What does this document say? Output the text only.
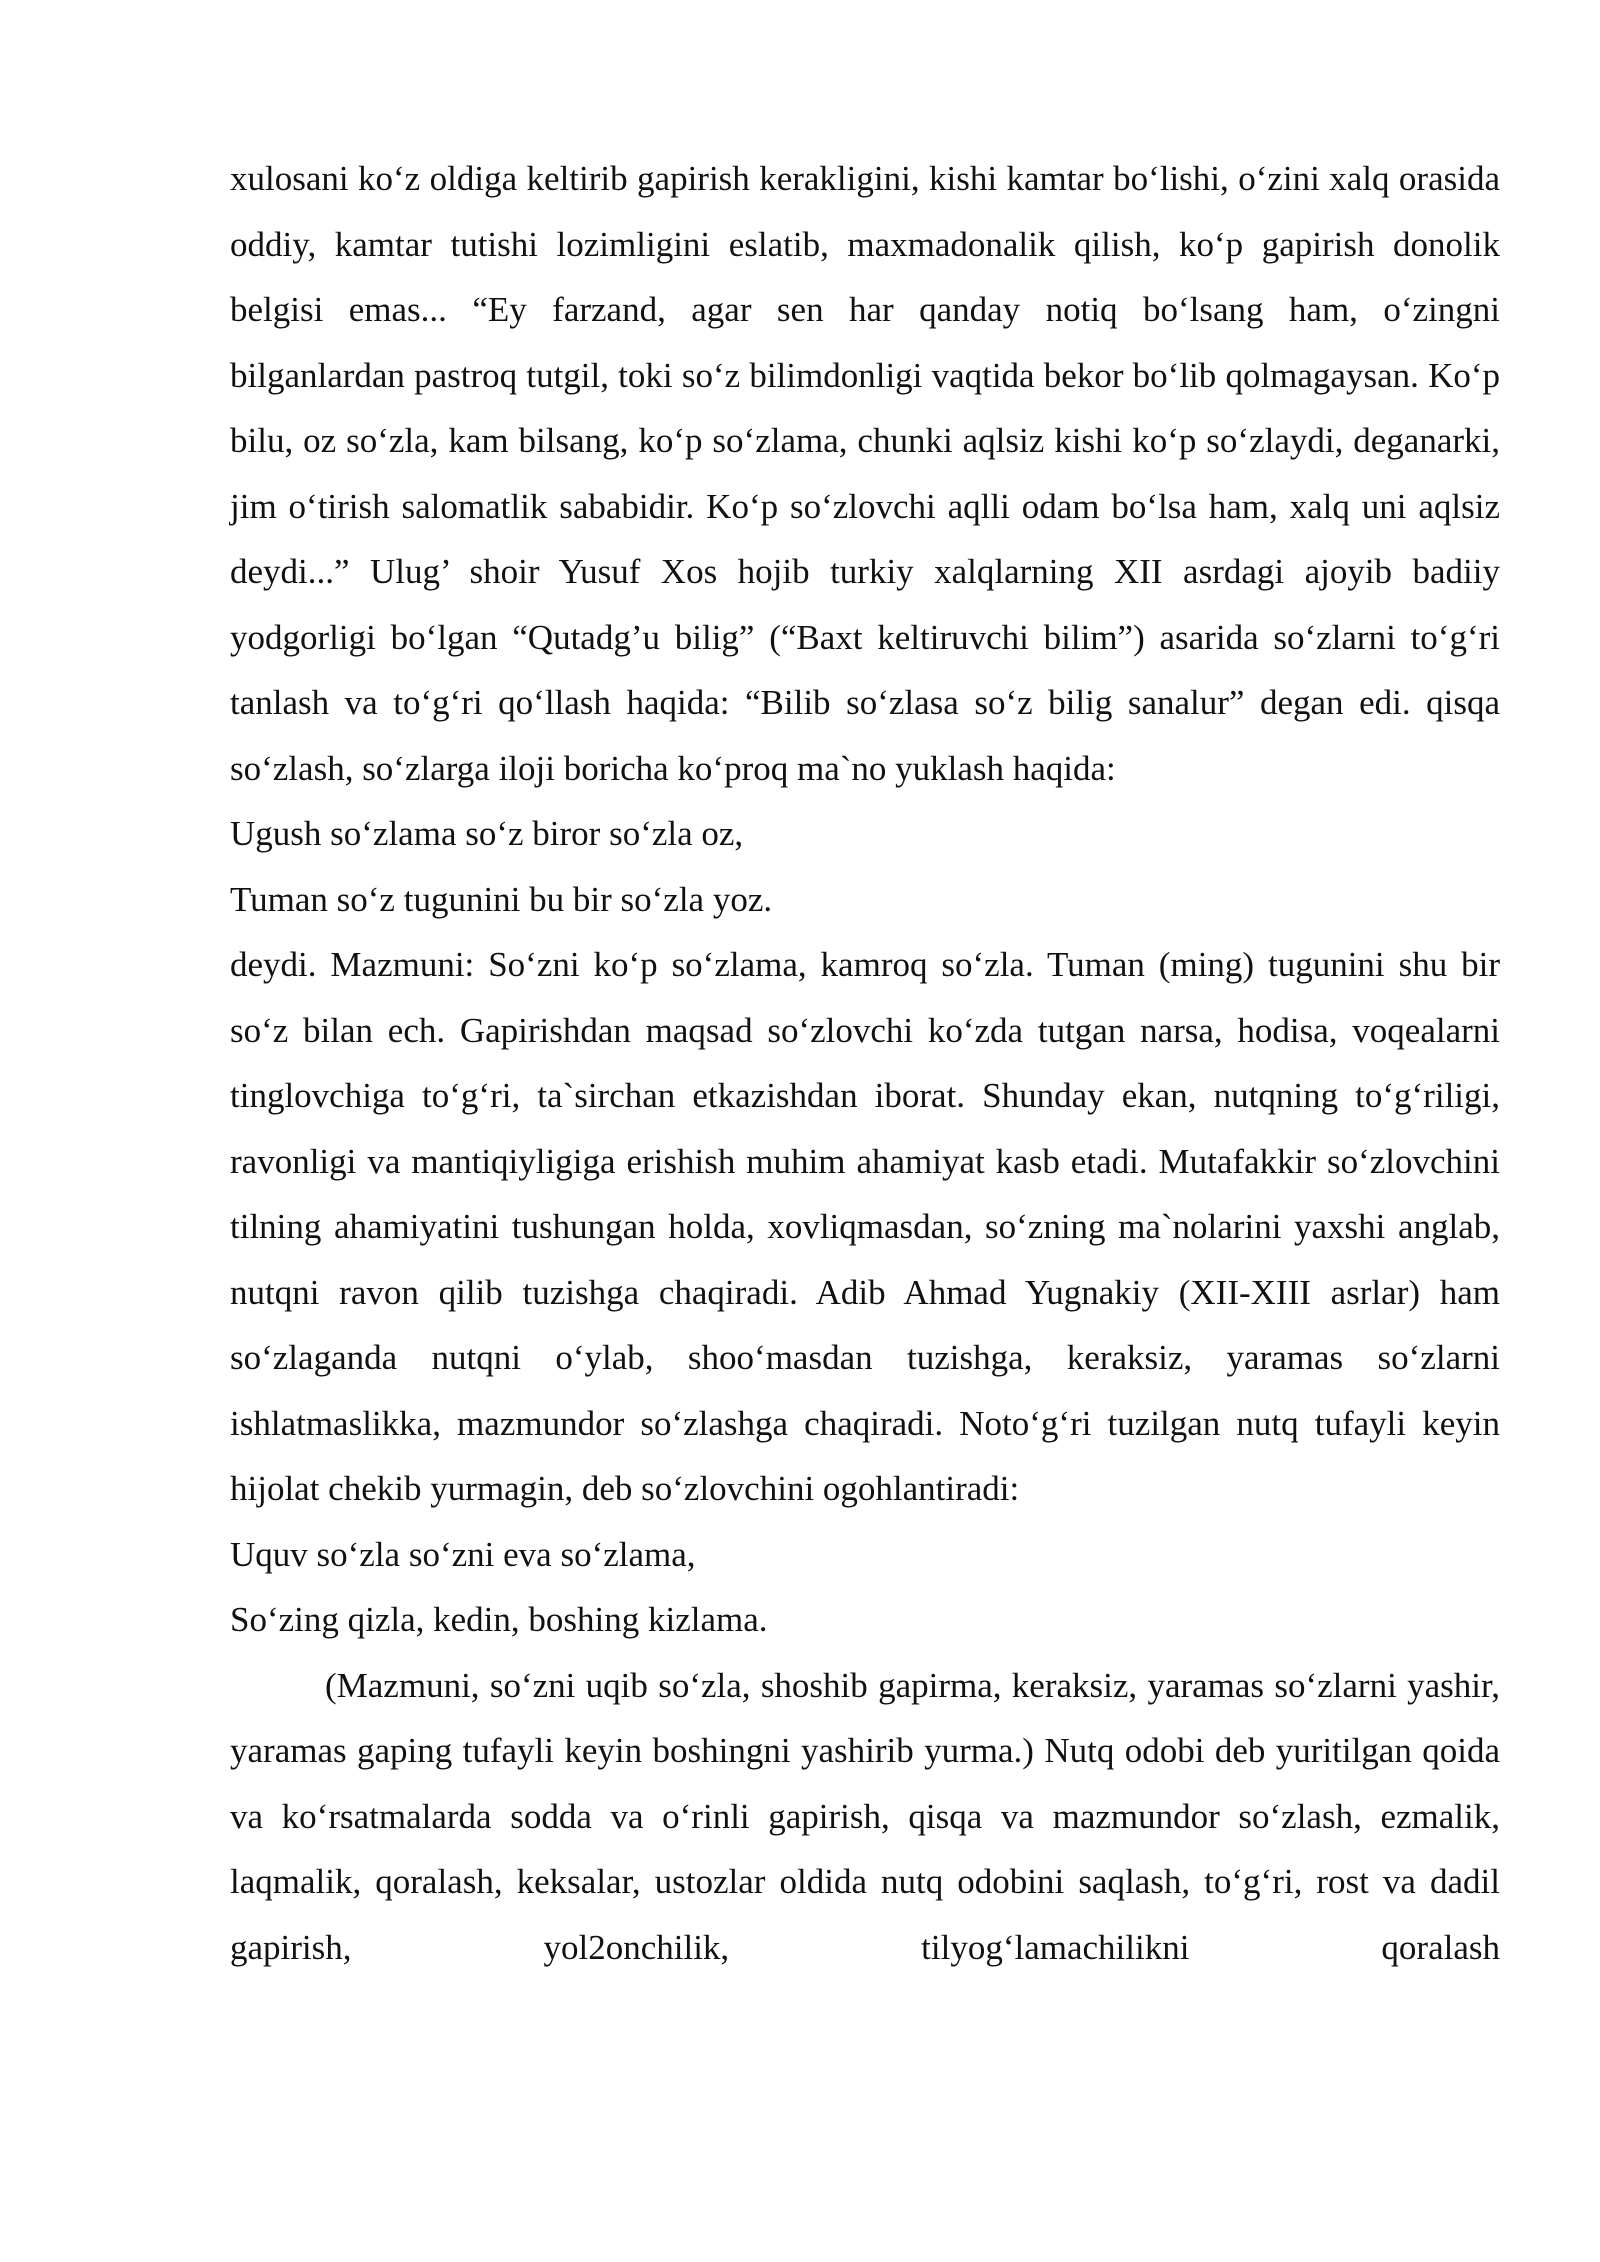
xulosani koʻz oldiga keltirib gapirish kerakligini, kishi kamtar boʻlishi, oʻzini xalq orasida oddiy, kamtar tutishi lozimligini eslatib, maxmadonalik qilish, koʻp gapirish donolik belgisi emas... “Ey farzand, agar sen har qanday notiq boʻlsang ham, oʻzingni bilganlardan pastroq tutgil, toki soʻz bilimdonligi vaqtida bekor boʻlib qolmagaysan. Koʻp bilu, oz soʻzla, kam bilsang, koʻp soʻzlama, chunki aqlsiz kishi koʻp soʻzlaydi, deganarki, jim oʻtirish salomatlik sababidir. Koʻp soʻzlovchi aqlli odam boʻlsa ham, xalq uni aqlsiz deydi...” Ulug’ shoir Yusuf Xos hojib turkiy xalqlarning XII asrdagi ajoyib badiiy yodgorligi boʻlgan “Qutadg’u bilig” (“Baxt keltiruvchi bilim”) asarida soʻzlarni toʻgʻri tanlash va toʻgʻri qoʻllash haqida: “Bilib soʻzlasa soʻz bilig sanalur” degan edi. qisqa soʻzlash, soʻzlarga iloji boricha koʻproq ma`no yuklash haqida:

Ugush soʻzlama soʻz biror soʻzla oz,

Tuman soʻz tugunini bu bir soʻzla yoz.

deydi. Mazmuni: Soʻzni koʻp soʻzlama, kamroq soʻzla. Tuman (ming) tugunini shu bir soʻz bilan ech. Gapirishdan maqsad soʻzlovchi koʻzda tutgan narsa, hodisa, voqealarni tinglovchiga toʻgʻri, ta`sirchan etkazishdan iborat. Shunday ekan, nutqning toʻgʻriligi, ravonligi va mantiqiyligiga erishish muhim ahamiyat kasb etadi. Mutafakkir soʻzlovchini tilning ahamiyatini tushungan holda, xovliqmasdan, soʻzning ma`nolarini yaxshi anglab, nutqni ravon qilib tuzishga chaqiradi. Adib Ahmad Yugnakiy (XII-XIII asrlar) ham soʻzlaganda nutqni oʻylab, shooʻmasdan tuzishga, keraksiz, yaramas soʻzlarni ishlatmaslikka, mazmundor soʻzlashga chaqiradi. Notoʻgʻri tuzilgan nutq tufayli keyin hijolat chekib yurmagin, deb soʻzlovchini ogohlantiradi:

Uquv soʻzla soʻzni eva soʻzlama,

Soʻzing qizla, kedin, boshing kizlama.

(Mazmuni, soʻzni uqib soʻzla, shoshib gapirma, keraksiz, yaramas soʻzlarni yashir, yaramas gaping tufayli keyin boshingni yashirib yurma.) Nutq odobi deb yuritilgan qoida va koʻrsatmalarda sodda va oʻrinli gapirish, qisqa va mazmundor soʻzlash, ezmalik, laqmalik, qoralash, keksalar, ustozlar oldida nutq odobini saqlash, toʻgʻri, rost va dadil gapirish, yol2onchilik, tilyogʻlamachilikni qoralash
